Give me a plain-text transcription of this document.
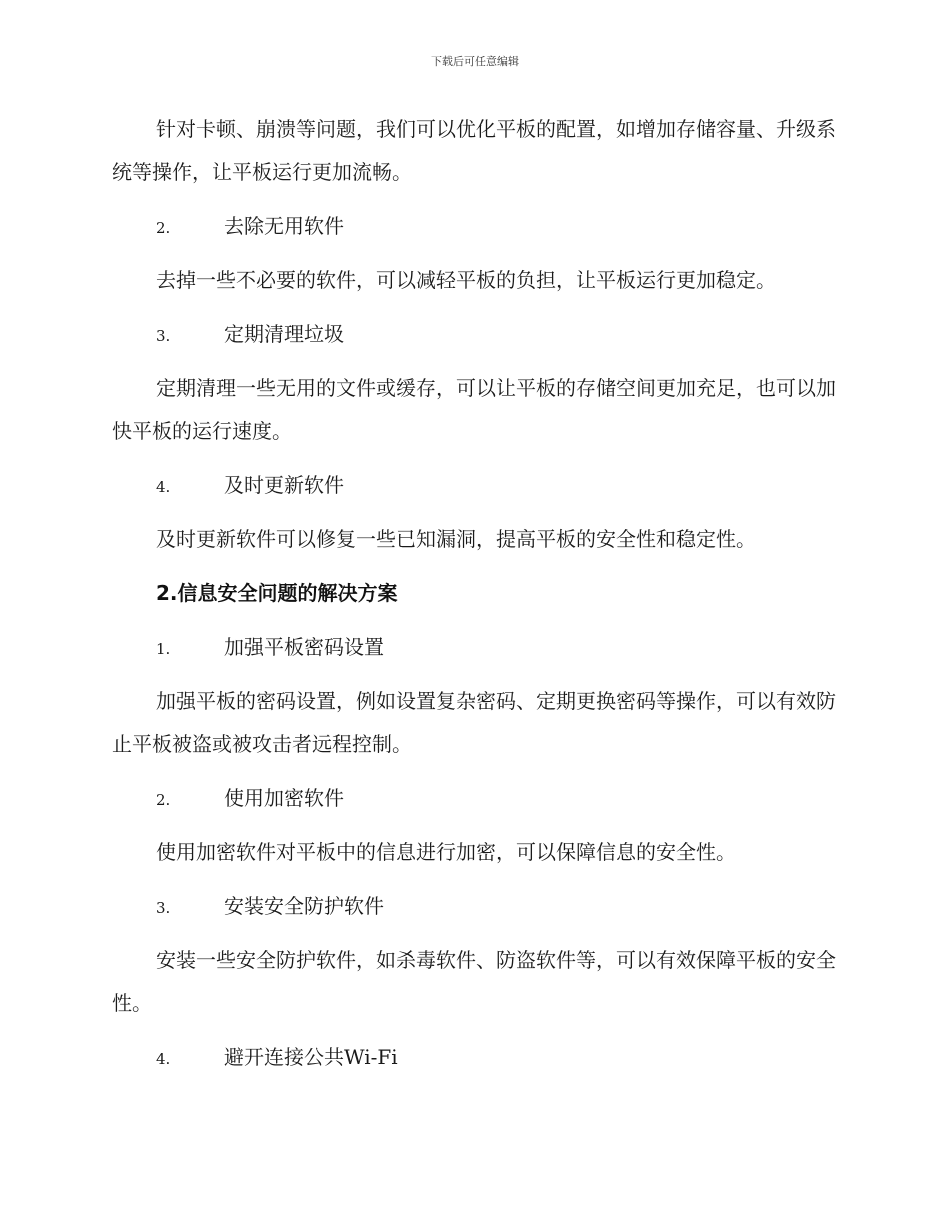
下载后可任意编辑

针对卡顿、崩溃等问题，我们可以优化平板的配置，如增加存储容量、升级系统等操作，让平板运行更加流畅。

2.	去除无用软件

去掉一些不必要的软件，可以减轻平板的负担，让平板运行更加稳定。

3.	定期清理垃圾

定期清理一些无用的文件或缓存，可以让平板的存储空间更加充足，也可以加快平板的运行速度。

4.	及时更新软件

及时更新软件可以修复一些已知漏洞，提高平板的安全性和稳定性。

2.信息安全问题的解决方案
1.	加强平板密码设置

加强平板的密码设置，例如设置复杂密码、定期更换密码等操作，可以有效防止平板被盗或被攻击者远程控制。

2.	使用加密软件

使用加密软件对平板中的信息进行加密，可以保障信息的安全性。

3.	安装安全防护软件

安装一些安全防护软件，如杀毒软件、防盗软件等，可以有效保障平板的安全性。

4.	避开连接公共Wi-Fi
